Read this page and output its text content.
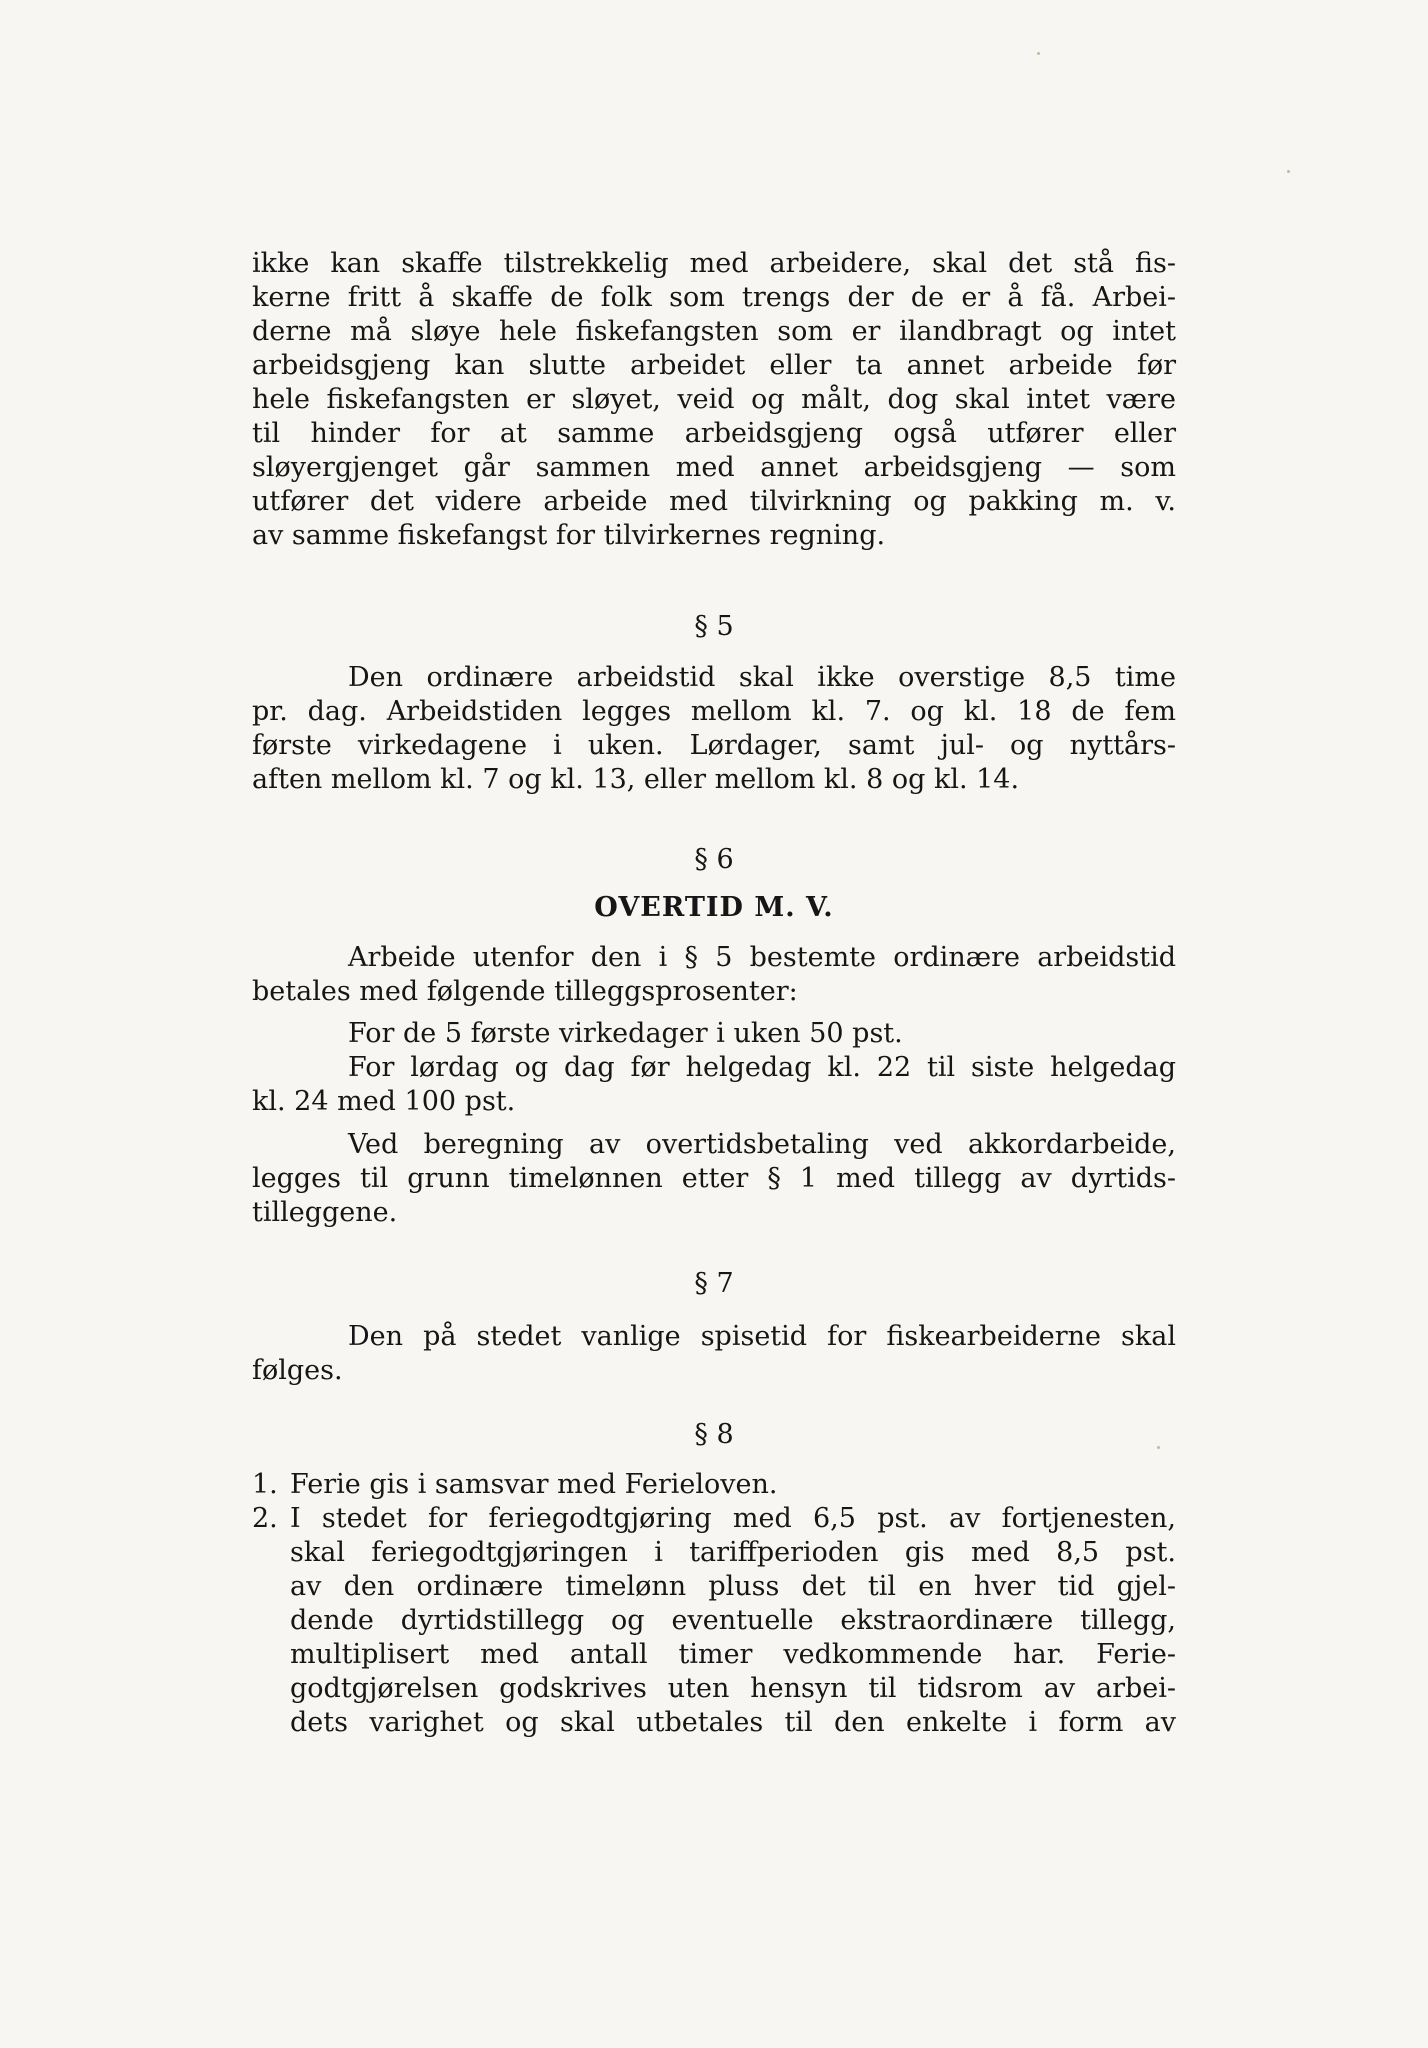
ikke kan skaffe tilstrekkelig med arbeidere, skal det stå fis-
kerne fritt å skaffe de folk som trengs der de er å få. Arbei-
derne må sløye hele fiskefangsten som er ilandbragt og intet
arbeidsgjeng kan slutte arbeidet eller ta annet arbeide før
hele fiskefangsten er sløyet, veid og målt, dog skal intet være
til hinder for at samme arbeidsgjeng også utfører eller
sløyergjenget går sammen med annet arbeidsgjeng — som
utfører det videre arbeide med tilvirkning og pakking m. v.
av samme fiskefangst for tilvirkernes regning.
§ 5
Den ordinære arbeidstid skal ikke overstige 8,5 time
pr. dag. Arbeidstiden legges mellom kl. 7. og kl. 18 de fem
første virkedagene i uken. Lørdager, samt jul- og nyttårs-
aften mellom kl. 7 og kl. 13, eller mellom kl. 8 og kl. 14.
§ 6
OVERTID M. V.
Arbeide utenfor den i § 5 bestemte ordinære arbeidstid
betales med følgende tilleggsprosenter:
For de 5 første virkedager i uken 50 pst.
For lørdag og dag før helgedag kl. 22 til siste helgedag
kl. 24 med 100 pst.
Ved beregning av overtidsbetaling ved akkordarbeide,
legges til grunn timelønnen etter § 1 med tillegg av dyrtids-
tilleggene.
§ 7
Den på stedet vanlige spisetid for fiskearbeiderne skal
følges.
§ 8
1. Ferie gis i samsvar med Ferieloven.
2. I stedet for feriegodtgjøring med 6,5 pst. av fortjenesten,
skal feriegodtgjøringen i tariffperioden gis med 8,5 pst.
av den ordinære timelønn pluss det til en hver tid gjel-
dende dyrtidstillegg og eventuelle ekstraordinære tillegg,
multiplisert med antall timer vedkommende har. Ferie-
godtgjørelsen godskrives uten hensyn til tidsrom av arbei-
dets varighet og skal utbetales til den enkelte i form av
